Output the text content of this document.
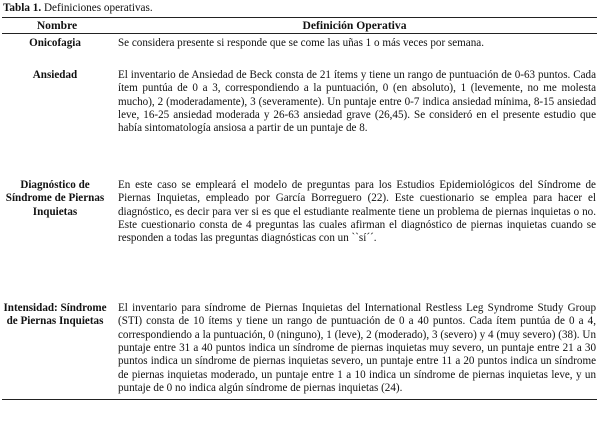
Tabla 1. Definiciones operativas.
Nombre	Definición Operativa
Onicofagia	Se considera presente si responde que se come las uñas 1 o más veces por semana.
Ansiedad	El inventario de Ansiedad de Beck consta de 21 ítems y tiene un rango de puntuación de 0-63 puntos. Cada ítem puntúa de 0 a 3, correspondiendo a la puntuación, 0 (en absoluto), 1 (levemente, no me molesta mucho), 2 (moderadamente), 3 (severamente). Un puntaje entre 0-7 indica ansiedad mínima, 8-15 ansiedad leve, 16-25 ansiedad moderada y 26-63 ansiedad grave (26,45). Se consideró en el presente estudio que había sintomatología ansiosa a partir de un puntaje de 8.
Diagnóstico de Síndrome de Piernas Inquietas	En este caso se empleará el modelo de preguntas para los Estudios Epidemiológicos del Síndrome de Piernas Inquietas, empleado por García Borreguero (22). Este cuestionario se emplea para hacer el diagnóstico, es decir para ver si es que el estudiante realmente tiene un problema de piernas inquietas o no. Este cuestionario consta de 4 preguntas las cuales afirman el diagnóstico de piernas inquietas cuando se responden a todas las preguntas diagnósticas con un ``sí´´.
Intensidad: Síndrome de Piernas Inquietas	El inventario para síndrome de Piernas Inquietas del International Restless Leg Syndrome Study Group (STI) consta de 10 ítems y tiene un rango de puntuación de 0 a 40 puntos. Cada ítem puntúa de 0 a 4, correspondiendo a la puntuación, 0 (ninguno), 1 (leve), 2 (moderado), 3 (severo) y 4 (muy severo) (38). Un puntaje entre 31 a 40 puntos indica un síndrome de piernas inquietas muy severo, un puntaje entre 21 a 30 puntos indica un síndrome de piernas inquietas severo, un puntaje entre 11 a 20 puntos indica un síndrome de piernas inquietas moderado, un puntaje entre 1 a 10 indica un síndrome de piernas inquietas leve, y un puntaje de 0 no indica algún síndrome de piernas inquietas (24).
